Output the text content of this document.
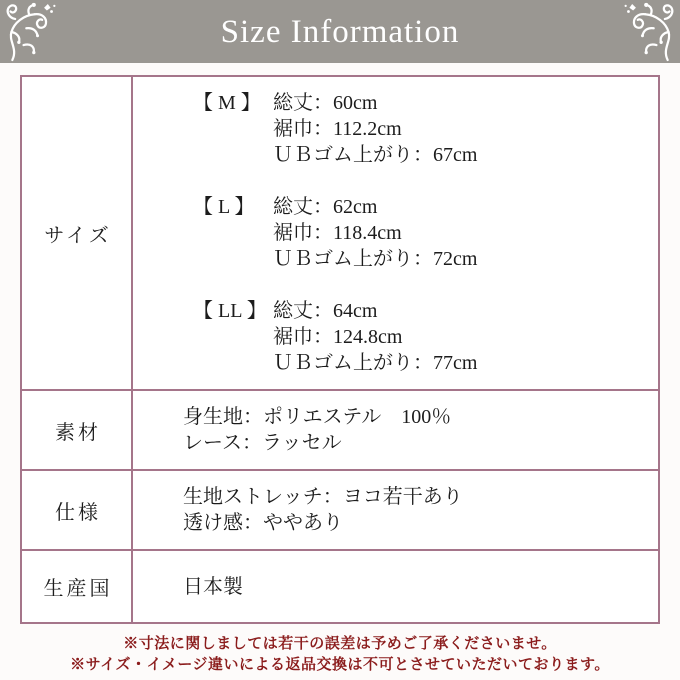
Size Information
サイズ	
【 M 】 総丈：60cm
裾巾：112.2cm
ＵＢゴム上がり：67cm
【 L 】 総丈：62cm
裾巾：118.4cm
ＵＢゴム上がり：72cm
【 LL 】 総丈：64cm
裾巾：124.8cm
ＵＢゴム上がり：77cm

素材	身生地：ポリエステル　100％
レース：ラッセル

仕様	生地ストレッチ：ヨコ若干あり
透け感：ややあり

生産国	日本製
※寸法に関しましては若干の誤差は予めご了承くださいませ。
※サイズ・イメージ違いによる返品交換は不可とさせていただいております。
